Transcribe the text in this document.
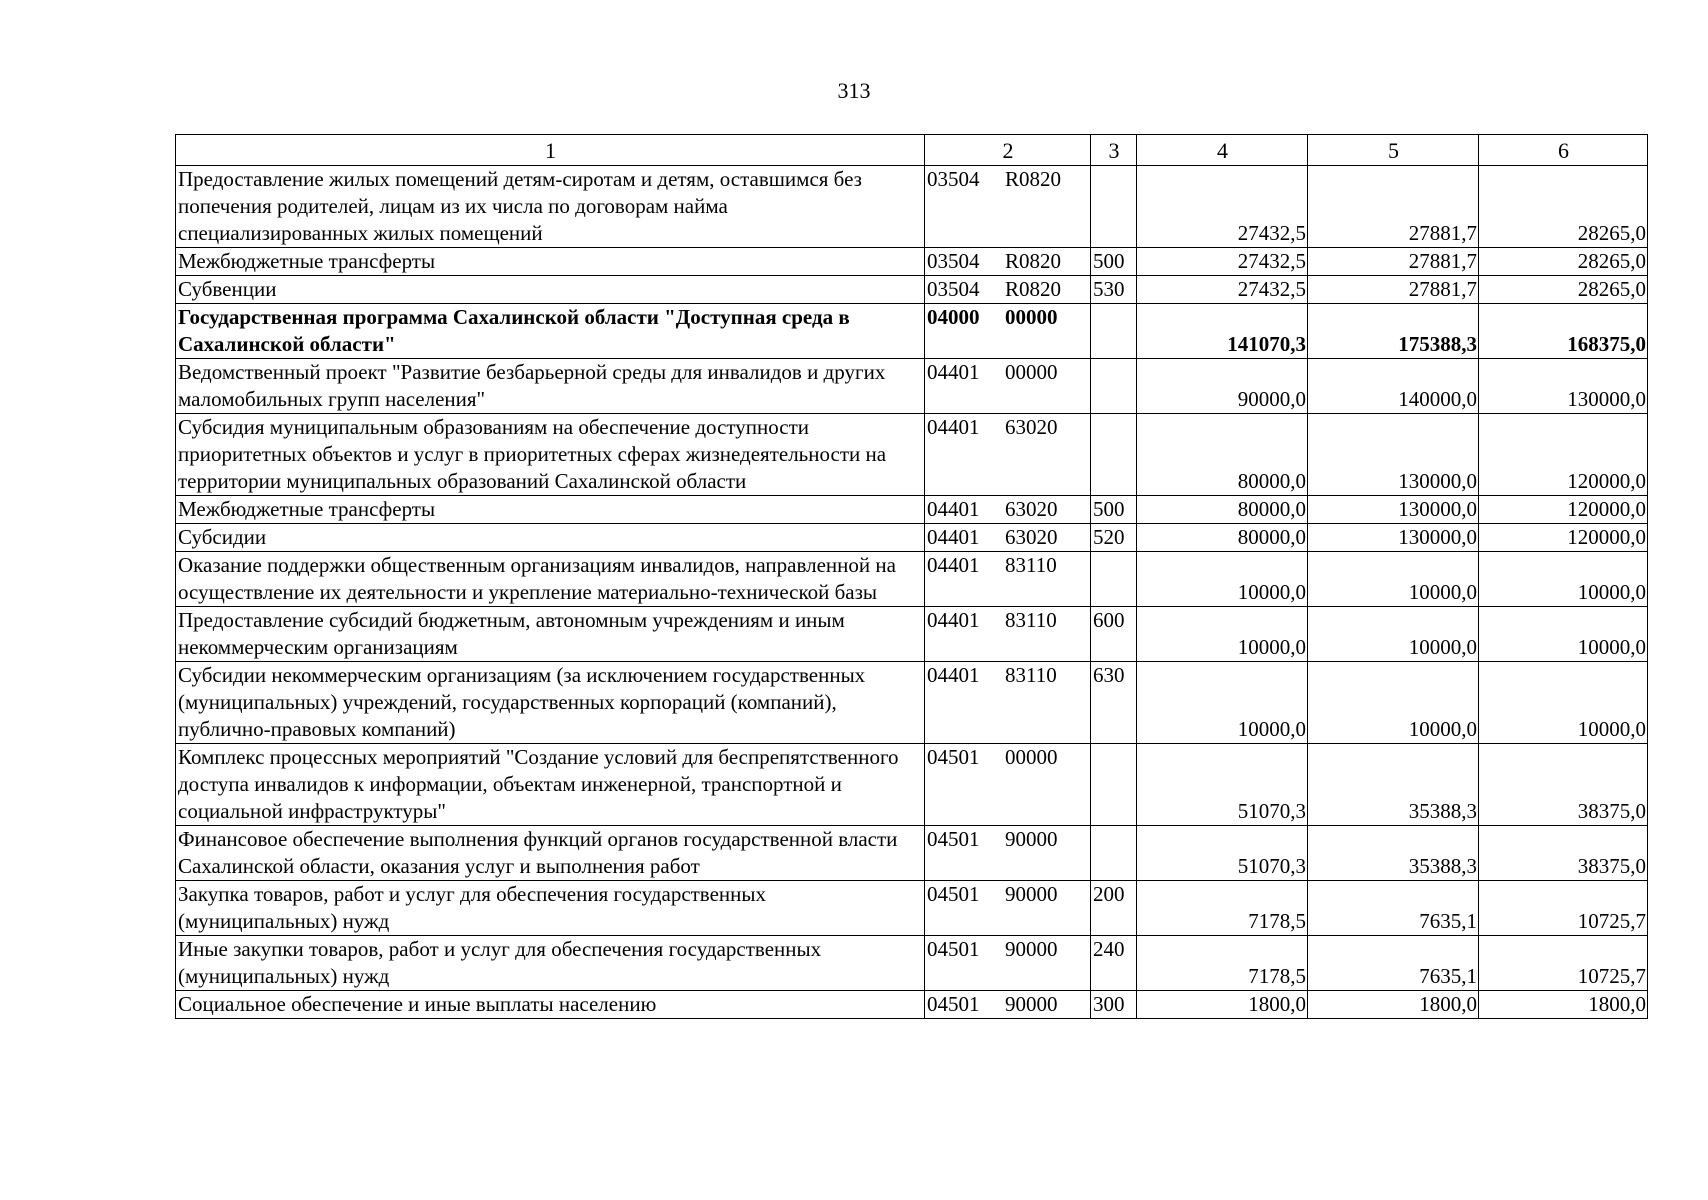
313
1	2	3	4	5	6
Предоставление жилых помещений детям-сиротам и детям, оставшимся без попечения родителей, лицам из их числа по договорам найма специализированных жилых помещений	03504 R0820		27432,5	27881,7	28265,0
Межбюджетные трансферты	03504 R0820	500	27432,5	27881,7	28265,0
Субвенции	03504 R0820	530	27432,5	27881,7	28265,0
Государственная программа Сахалинской области "Доступная среда в Сахалинской области"	04000 00000		141070,3	175388,3	168375,0
Ведомственный проект "Развитие безбарьерной среды для инвалидов и других маломобильных групп населения"	04401 00000		90000,0	140000,0	130000,0
Субсидия муниципальным образованиям на обеспечение доступности приоритетных объектов и услуг в приоритетных сферах жизнедеятельности на территории муниципальных образований Сахалинской области	04401 63020		80000,0	130000,0	120000,0
Межбюджетные трансферты	04401 63020	500	80000,0	130000,0	120000,0
Субсидии	04401 63020	520	80000,0	130000,0	120000,0
Оказание поддержки общественным организациям инвалидов, направленной на осуществление их деятельности и укрепление материально-технической базы	04401 83110		10000,0	10000,0	10000,0
Предоставление субсидий бюджетным, автономным учреждениям и иным некоммерческим организациям	04401 83110	600	10000,0	10000,0	10000,0
Субсидии некоммерческим организациям (за исключением государственных (муниципальных) учреждений, государственных корпораций (компаний), публично-правовых компаний)	04401 83110	630	10000,0	10000,0	10000,0
Комплекс процессных мероприятий "Создание условий для беспрепятственного доступа инвалидов к информации, объектам инженерной, транспортной и социальной инфраструктуры"	04501 00000		51070,3	35388,3	38375,0
Финансовое обеспечение выполнения функций органов государственной власти Сахалинской области, оказания услуг и выполнения работ	04501 90000		51070,3	35388,3	38375,0
Закупка товаров, работ и услуг для обеспечения государственных (муниципальных) нужд	04501 90000	200	7178,5	7635,1	10725,7
Иные закупки товаров, работ и услуг для обеспечения государственных (муниципальных) нужд	04501 90000	240	7178,5	7635,1	10725,7
Социальное обеспечение и иные выплаты населению	04501 90000	300	1800,0	1800,0	1800,0
